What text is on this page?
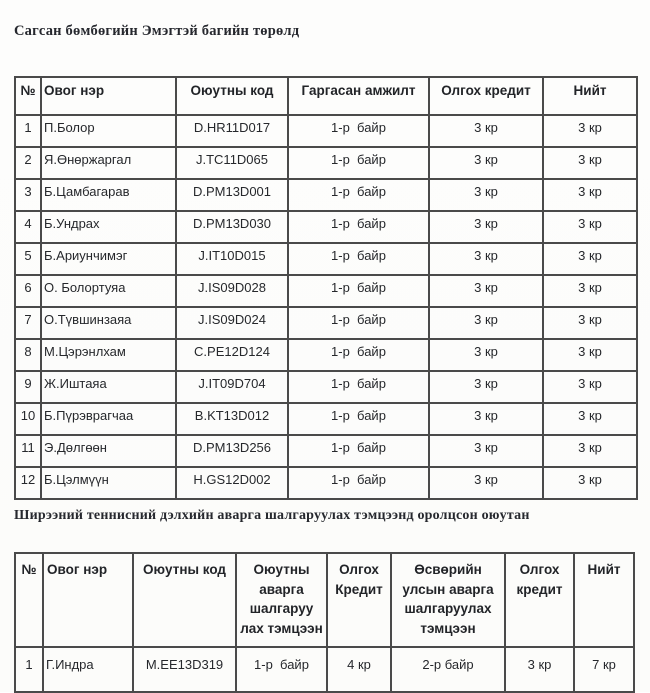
Сагсан бөмбөгийн Эмэгтэй багийн төрөлд
№	Овог нэр	Оюутны код	Гаргасан амжилт	Олгох кредит	Нийт
1	П.Болор	D.HR11D017	1-р  байр	3 кр	3 кр
2	Я.Өнөржаргал	J.TC11D065	1-р  байр	3 кр	3 кр
3	Б.Цамбагарав	D.PM13D001	1-р  байр	3 кр	3 кр
4	Б.Ундрах	D.PM13D030	1-р  байр	3 кр	3 кр
5	Б.Ариунчимэг	J.IT10D015	1-р  байр	3 кр	3 кр
6	О. Болортуяа	J.IS09D028	1-р  байр	3 кр	3 кр
7	О.Түвшинзаяа	J.IS09D024	1-р  байр	3 кр	3 кр
8	М.Цэрэнлхам	C.PE12D124	1-р  байр	3 кр	3 кр
9	Ж.Иштаяа	J.IT09D704	1-р  байр	3 кр	3 кр
10	Б.Пүрэврагчаа	B.KT13D012	1-р  байр	3 кр	3 кр
11	Э.Дөлгөөн	D.PM13D256	1-р  байр	3 кр	3 кр
12	Б.Цэлмүүн	H.GS12D002	1-р  байр	3 кр	3 кр
Ширээний теннисний дэлхийн аварга шалгаруулах тэмцээнд оролцсон оюутан
№	Овог нэр	Оюутны код	Оюутны аварга шалгаруу лах тэмцээн	Олгох Кредит	Өсвөрийн улсын аварга шалгаруулах тэмцээн	Олгох кредит	Нийт
1	Г.Индра	M.EE13D319	1-р  байр	4 кр	2-р байр	3 кр	7 кр
